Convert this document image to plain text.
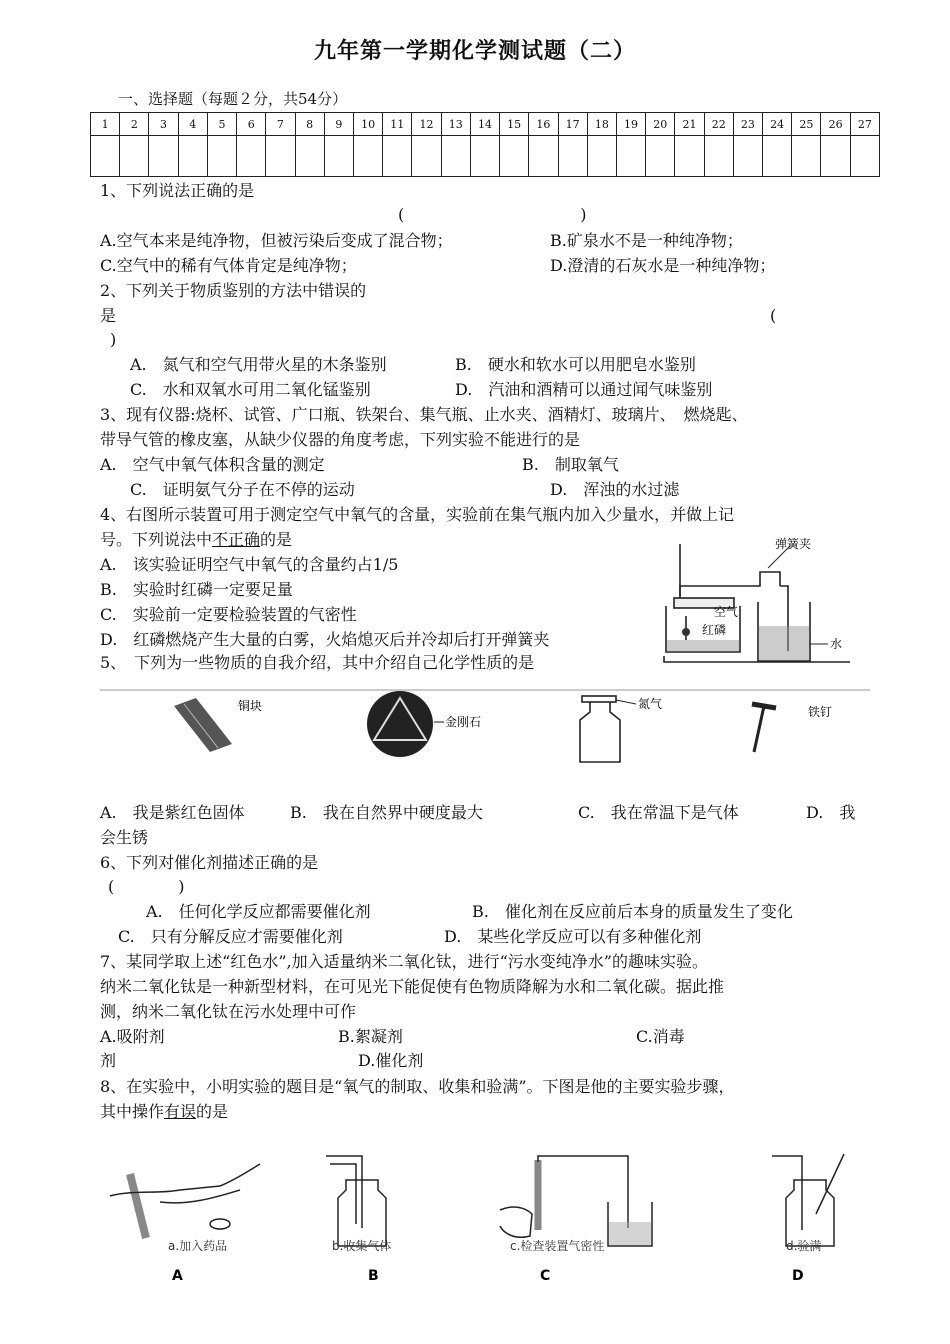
九年第一学期化学测试题（二）
一、选择题（每题２分，共54分）
1	2	3	4	5	6	7	8	9	10	11	12	13	14	15	16	17	18	19	20	21	22	23	24	25	26	27

1、下列说法正确的是
(　　　　　　　　　　　)
A.空气本来是纯净物，但被污染后变成了混合物；	B.矿泉水不是一种纯净物；
C.空气中的稀有气体肯定是纯净物；	D.澄清的石灰水是一种纯净物；
2、下列关于物质鉴别的方法中错误的
是	(
)
A.　氮气和空气用带火星的木条鉴别	B.　硬水和软水可以用肥皂水鉴别
C.　水和双氧水可用二氧化锰鉴别	D.　汽油和酒精可以通过闻气味鉴别
3、现有仪器:烧杯、试管、广口瓶、铁架台、集气瓶、止水夹、酒精灯、玻璃片、　燃烧匙、
带导气管的橡皮塞，从缺少仪器的角度考虑，下列实验不能进行的是
A.　空气中氧气体积含量的测定	B.　制取氧气
C.　证明氨气分子在不停的运动	D.　浑浊的水过滤
4、右图所示装置可用于测定空气中氧气的含量，实验前在集气瓶内加入少量水，并做上记
号。下列说法中不正确的是
A.　该实验证明空气中氧气的含量约占1/5
B.　实验时红磷一定要足量
C.　实验前一定要检验装置的气密性
D.　红磷燃烧产生大量的白雾，火焰熄灭后并冷却后打开弹簧夹
弹簧夹
空气
红磷
水
5、　下列为一些物质的自我介绍，其中介绍自己化学性质的是
铜块
金刚石
氮气
铁钉
A.　我是紫红色固体	B.　我在自然界中硬度最大	C.　我在常温下是气体	D.　我
会生锈
6、下列对催化剂描述正确的是
(　　　　)
A.　任何化学反应都需要催化剂	B.　催化剂在反应前后本身的质量发生了变化
C.　只有分解反应才需要催化剂	D.　某些化学反应可以有多种催化剂
7、某同学取上述“红色水”,加入适量纳米二氧化钛，进行“污水变纯净水”的趣味实验。
纳米二氧化钛是一种新型材料，在可见光下能促使有色物质降解为水和二氧化碳。据此推
测，纳米二氧化钛在污水处理中可作
A.吸附剂	B.絮凝剂	C.消毒
剂	D.催化剂
8、在实验中，小明实验的题目是“氧气的制取、收集和验满”。下图是他的主要实验步骤，
其中操作有误的是
a.加入药品	b.收集气体	c.检查装置气密性	d.验满
A	B	C	D
